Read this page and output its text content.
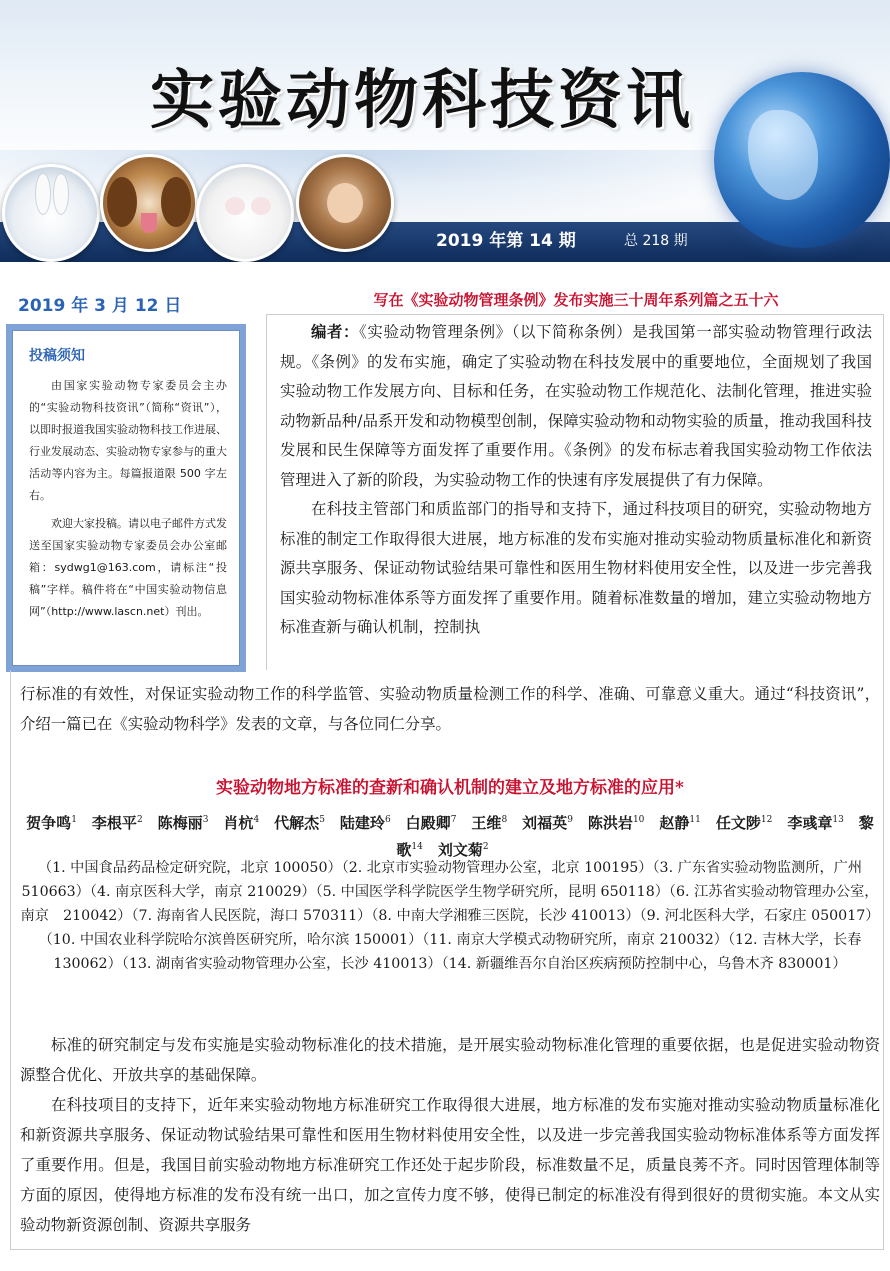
实验动物科技资讯
2019 年第 14 期	总 218 期
2019 年 3 月 12 日
投稿须知

由国家实验动物专家委员会主办的“实验动物科技资讯”（简称“资讯”），以即时报道我国实验动物科技工作进展、行业发展动态、实验动物专家参与的重大活动等内容为主。每篇报道限 500 字左右。

欢迎大家投稿。请以电子邮件方式发送至国家实验动物专家委员会办公室邮箱：sydwg1@163.com，请标注“投稿”字样。稿件将在“中国实验动物信息网”（http://www.lascn.net）刊出。

写在《实验动物管理条例》发布实施三十周年系列篇之五十六

编者：《实验动物管理条例》（以下简称条例）是我国第一部实验动物管理行政法规。《条例》的发布实施，确定了实验动物在科技发展中的重要地位，全面规划了我国实验动物工作发展方向、目标和任务，在实验动物工作规范化、法制化管理，推进实验动物新品种/品系开发和动物模型创制，保障实验动物和动物实验的质量，推动我国科技发展和民生保障等方面发挥了重要作用。《条例》的发布标志着我国实验动物工作依法管理进入了新的阶段，为实验动物工作的快速有序发展提供了有力保障。

在科技主管部门和质监部门的指导和支持下，通过科技项目的研究，实验动物地方标准的制定工作取得很大进展，地方标准的发布实施对推动实验动物质量标准化和新资源共享服务、保证动物试验结果可靠性和医用生物材料使用安全性，以及进一步完善我国实验动物标准体系等方面发挥了重要作用。随着标准数量的增加，建立实验动物地方标准查新与确认机制，控制执

行标准的有效性，对保证实验动物工作的科学监管、实验动物质量检测工作的科学、准确、可靠意义重大。通过“科技资讯”，介绍一篇已在《实验动物科学》发表的文章，与各位同仁分享。

实验动物地方标准的查新和确认机制的建立及地方标准的应用*

贺争鸣$^1$  李根平$^2$  陈梅丽$^3$  肖杭$^4$  代解杰$^5$  陆建玲$^6$  白殿卿$^7$  王维$^8$  刘福英$^9$  陈洪岩$^{10}$  赵静$^{11}$  任文陟$^{12}$  李彧章$^{13}$  黎歌$^{14}$  刘文菊$^2$ 

（1. 中国食品药品检定研究院，北京 100050）（2. 北京市实验动物管理办公室，北京 100195）（3. 广东省实验动物监测所，广州 510663）（4. 南京医科大学，南京 210029）（5. 中国医学科学院医学生物学研究所，昆明 650118）（6. 江苏省实验动物管理办公室，南京　210042）（7. 海南省人民医院，海口 570311）（8. 中南大学湘雅三医院，长沙 410013）（9. 河北医科大学，石家庄 050017）（10. 中国农业科学院哈尔滨兽医研究所，哈尔滨 150001）（11. 南京大学模式动物研究所，南京 210032）（12. 吉林大学，长春　130062）（13. 湖南省实验动物管理办公室，长沙 410013）（14. 新疆维吾尔自治区疾病预防控制中心，乌鲁木齐 830001）

标准的研究制定与发布实施是实验动物标准化的技术措施，是开展实验动物标准化管理的重要依据，也是促进实验动物资源整合优化、开放共享的基础保障。

在科技项目的支持下，近年来实验动物地方标准研究工作取得很大进展，地方标准的发布实施对推动实验动物质量标准化和新资源共享服务、保证动物试验结果可靠性和医用生物材料使用安全性，以及进一步完善我国实验动物标准体系等方面发挥了重要作用。但是，我国目前实验动物地方标准研究工作还处于起步阶段，标准数量不足，质量良莠不齐。同时因管理体制等方面的原因，使得地方标准的发布没有统一出口，加之宣传力度不够，使得已制定的标准没有得到很好的贯彻实施。本文从实验动物新资源创制、资源共享服务
